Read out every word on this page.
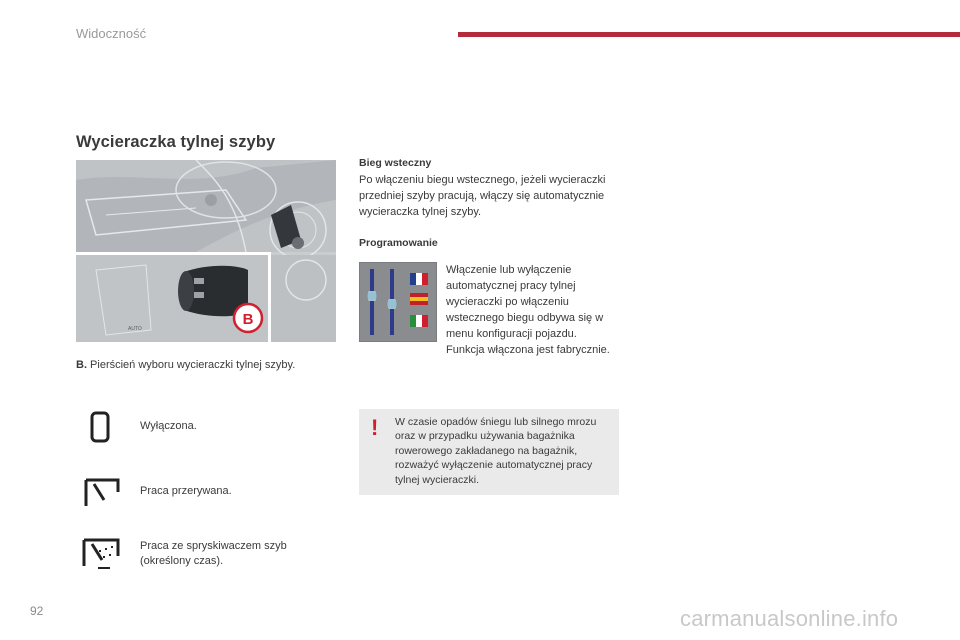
Widoczność
Wycieraczka tylnej szyby
AUTO
B
B. Pierścień wyboru wycieraczki tylnej szyby.
Wyłączona.
Praca przerywana.
Praca ze spryskiwaczem szyb (określony czas).
Bieg wsteczny
Po włączeniu biegu wstecznego, jeżeli wycieraczki przedniej szyby pracują, włączy się automatycznie wycieraczka tylnej szyby.
Programowanie
Włączenie lub wyłączenie automatycznej pracy tylnej wycieraczki po włączeniu wstecznego biegu odbywa się w menu konfiguracji pojazdu. Funkcja włączona jest fabrycznie.
! W czasie opadów śniegu lub silnego mrozu oraz w przypadku używania bagażnika rowerowego zakładanego na bagażnik, rozważyć wyłączenie automatycznej pracy tylnej wycieraczki.
92	carmanualsonline.info
